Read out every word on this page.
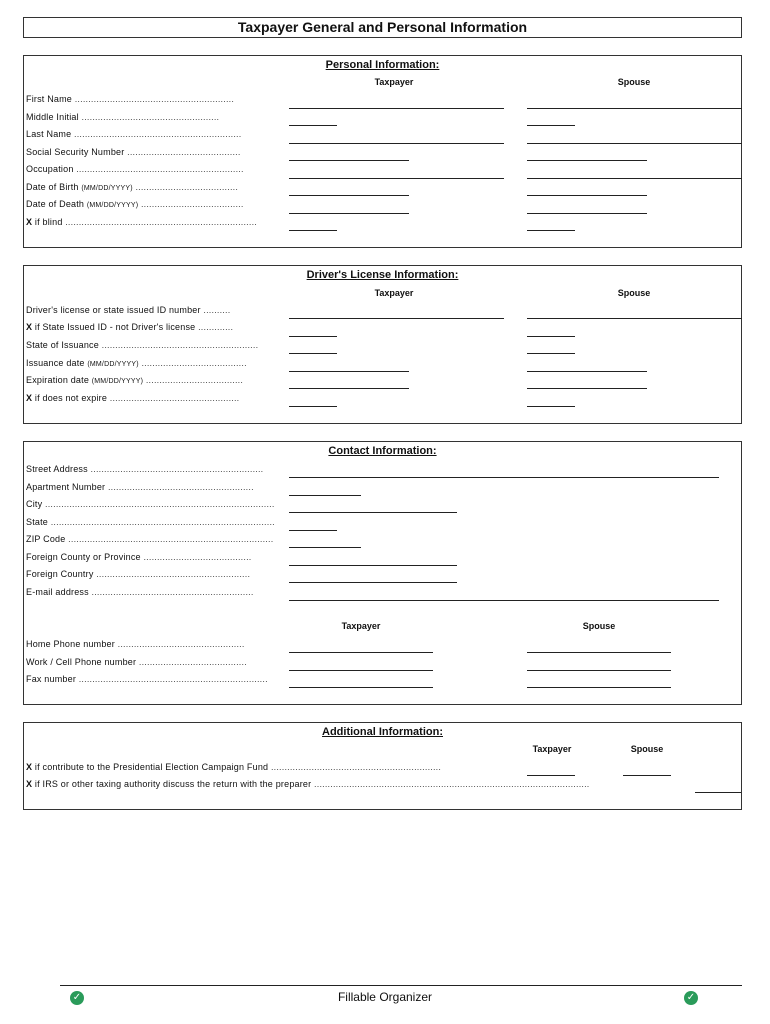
Taxpayer General and Personal Information
Personal Information:
Taxpayer	Spouse
First Name ...........................................................
Middle Initial ...................................................
Last Name ..............................................................
Social Security Number ..........................................
Occupation ..............................................................
Date of Birth (MM/DD/YYYY) ......................................
Date of Death (MM/DD/YYYY) ......................................
X if blind .......................................................................
Driver's License Information:
Taxpayer	Spouse
Driver's license or state issued ID number ..........
X if State Issued ID - not Driver's license .............
State of Issuance ..........................................................
Issuance date (MM/DD/YYYY) .......................................
Expiration date (MM/DD/YYYY) ....................................
X if does not expire ................................................
Contact Information:
Street Address ................................................................
Apartment Number ......................................................
City .....................................................................................
State ...................................................................................
ZIP Code ............................................................................
Foreign County or Province ........................................
Foreign Country .........................................................
E-mail address ............................................................
Taxpayer	Spouse
Home Phone number ...............................................
Work / Cell Phone number ........................................
Fax number ......................................................................
Additional Information:
Taxpayer	Spouse
X if contribute to the Presidential Election Campaign Fund ...............................................................
X if IRS or other taxing authority discuss the return with the preparer ......................................................................................................
✓	Fillable Organizer	✓
